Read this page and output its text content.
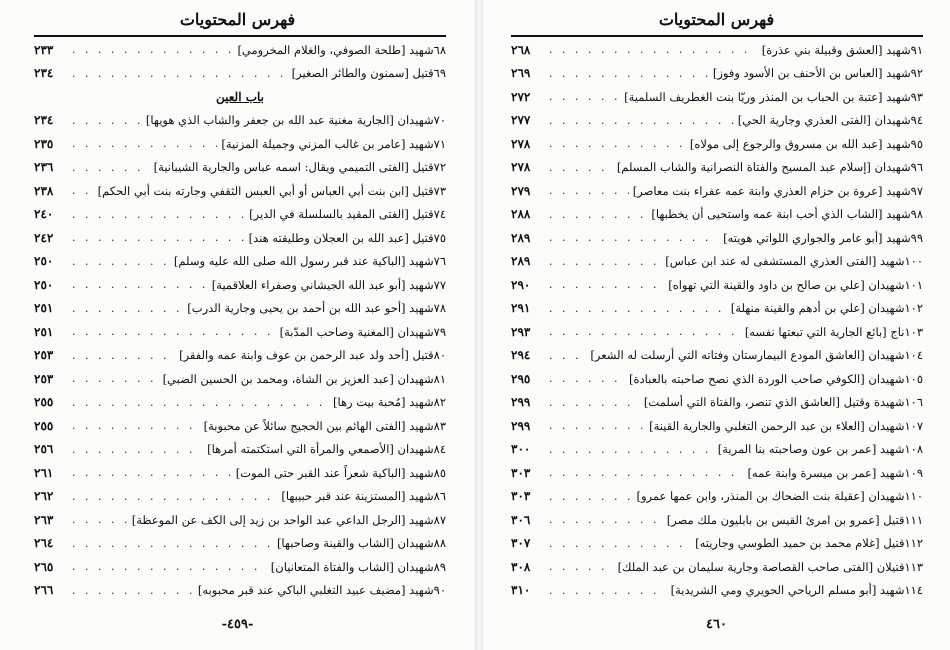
فهرس المحتويات
٦٨شهيد [طلحة الصوفي، والغلام المخرومي]
. . .
٢٣٣
٦٩قتيل [سمنون والطائر الصغير]
. . .
٢٣٤
باب العين
٧٠شهيدان [الجارية مغنية عبد الله بن جعفر والشاب الذي هويها]
. . .
٢٣٤
٧١شهيد [عامر بن غالب المزني وجميلة المزنية]
. . .
٢٣٥
٧٢قتيل [الفتى التميمي ويقال: اسمه عباس والجارية الشيبانية]
. . .
٢٣٦
٧٣قتيل [ابن بنت أبي العباس أو أبي العبس الثقفي وجارته بنت أبي الحكم]
. . .
٢٣٨
٧٤قتيل [الفتى المقيد بالسلسلة في الدير]
. . .
٢٤٠
٧٥قتيل [عبد الله بن العجلان وطليقته هند]
. . .
٢٤٢
٧٦شهيد [الباكية عند قبر رسول الله صلى الله عليه وسلم]
. . .
٢٥٠
٧٧شهيد [أبو عبد الله الجيشاني وصفراء العلاقمية]
. . .
٢٥٠
٧٨شهيد [أحو عبد الله بن أحمد بن يحيى وجارية الدرب]
. . .
٢٥١
٧٩شهيدان [المغنية وصاحب المدّبة]
. . .
٢٥١
٨٠قتيل [أحد ولد عبد الرحمن بن عوف وابنة عمه والفقر]
. . .
٢٥٣
٨١شهيدان [عبد العزيز بن الشاة، ومحمد بن الحسين الضبي]
. . .
٢٥٣
٨٢شهيد [مُحبة بيت رها]
. . .
٢٥٥
٨٣شهيد [الفتى الهائم بين الحجيج سائلاً عن محبوبة]
. . .
٢٥٥
٨٤شهيدان [الأصمعي والمرأة التي استكتمته أمرها]
. . .
٢٥٦
٨٥شهيد [الباكية شعراً عند القبر حتى الموت]
. . .
٢٦١
٨٦شهيد [المستزينة عند قبر حبيبها]
. . .
٢٦٢
٨٧شهيد [الرجل الداعي عبد الواحد بن زيد إلى الكف عن الموعظة]
. . .
٢٦٣
٨٨شهيدان [الشاب والقينة وصاحبها]
. . .
٢٦٤
٨٩شهيدان [الشاب والفتاة المتعانيان]
. . .
٢٦٥
٩٠شهيد [مضيف عبيد التغلبي الباكي عند قبر محبوبه]
. . .
٢٦٦
-٤٥٩-
فهرس المحتويات
٩١شهيد [العشق وقبيلة بني عذرة]
. . .
٢٦٨
٩٢شهيد [العباس بن الأحنف بن الأسود وفوز]
. . .
٢٦٩
٩٣شهيد [عتبة بن الحباب بن المنذر وريّا بنت الغطريف السلمية]
. . .
٢٧٢
٩٤شهيدان [الفتى العذري وجارية الحي]
. . .
٢٧٧
٩٥شهيد [عبد الله بن مسروق والرجوع إلى مولاه]
. . .
٢٧٨
٩٦شهيدان [إسلام عبد المسيح والفتاة النصرانية والشاب المسلم]
. . .
٢٧٨
٩٧شهيد [عروة بن حزام العذري وابنة عمه عفراء بنت معاصر]
. . .
٢٧٩
٩٨شهيد [الشاب الذي أحب ابنة عمه واستحيى أن يخطبها]
. . .
٢٨٨
٩٩شهيد [أبو عامر والجواري اللواتي هويته]
. . .
٢٨٩
١٠٠شهيد [الفتى العذري المستشفى له عند ابن عباس]
. . .
٢٨٩
١٠١شهيدان [علي بن صالح بن داود والقينة التي تهواه]
. . .
٢٩٠
١٠٢شهيدان [علي بن أدهم والقينة منهلة]
. . .
٢٩١
١٠٣ناج [بائع الجارية التي تبعتها نفسه]
. . .
٢٩٣
١٠٤شهيدان [العاشق المودع البيمارستان وفتاته التي أرسلت له الشعر]
. . .
٢٩٤
١٠٥شهيدان [الكوفي صاحب الوردة الذي نصح صاحبته بالعبادة]
. . .
٢٩٥
١٠٦شهيدة وقتيل [العاشق الذي تنصر، والفتاة التي أسلمت]
. . .
٢٩٩
١٠٧شهيدان [العلاء بن عبد الرحمن التغلبي والجارية القينة]
. . .
٢٩٩
١٠٨شهيد [عمر بن عون وصاحبته بنا المرية]
. . .
٣٠٠
١٠٩شهيد [عمر بن ميسرة وابنة عمه]
. . .
٣٠٣
١١٠شهيدان [عقيلة بنت الضحاك بن المنذر، وابن عمها عمرو]
. . .
٣٠٣
١١١قتيل [عمرو بن امرئ القيس بن بابليون ملك مصر]
. . .
٣٠٦
١١٢قتيل [غلام محمد بن حميد الطوسي وجاريته]
. . .
٣٠٧
١١٣قتيلان [الفتى صاحب القصاصة وجارية سليمان بن عبد الملك]
. . .
٣٠٨
١١٤شهيد [أبو مسلم الرياحي الحويري ومي الشريدية]
. . .
٣١٠
٤٦٠
